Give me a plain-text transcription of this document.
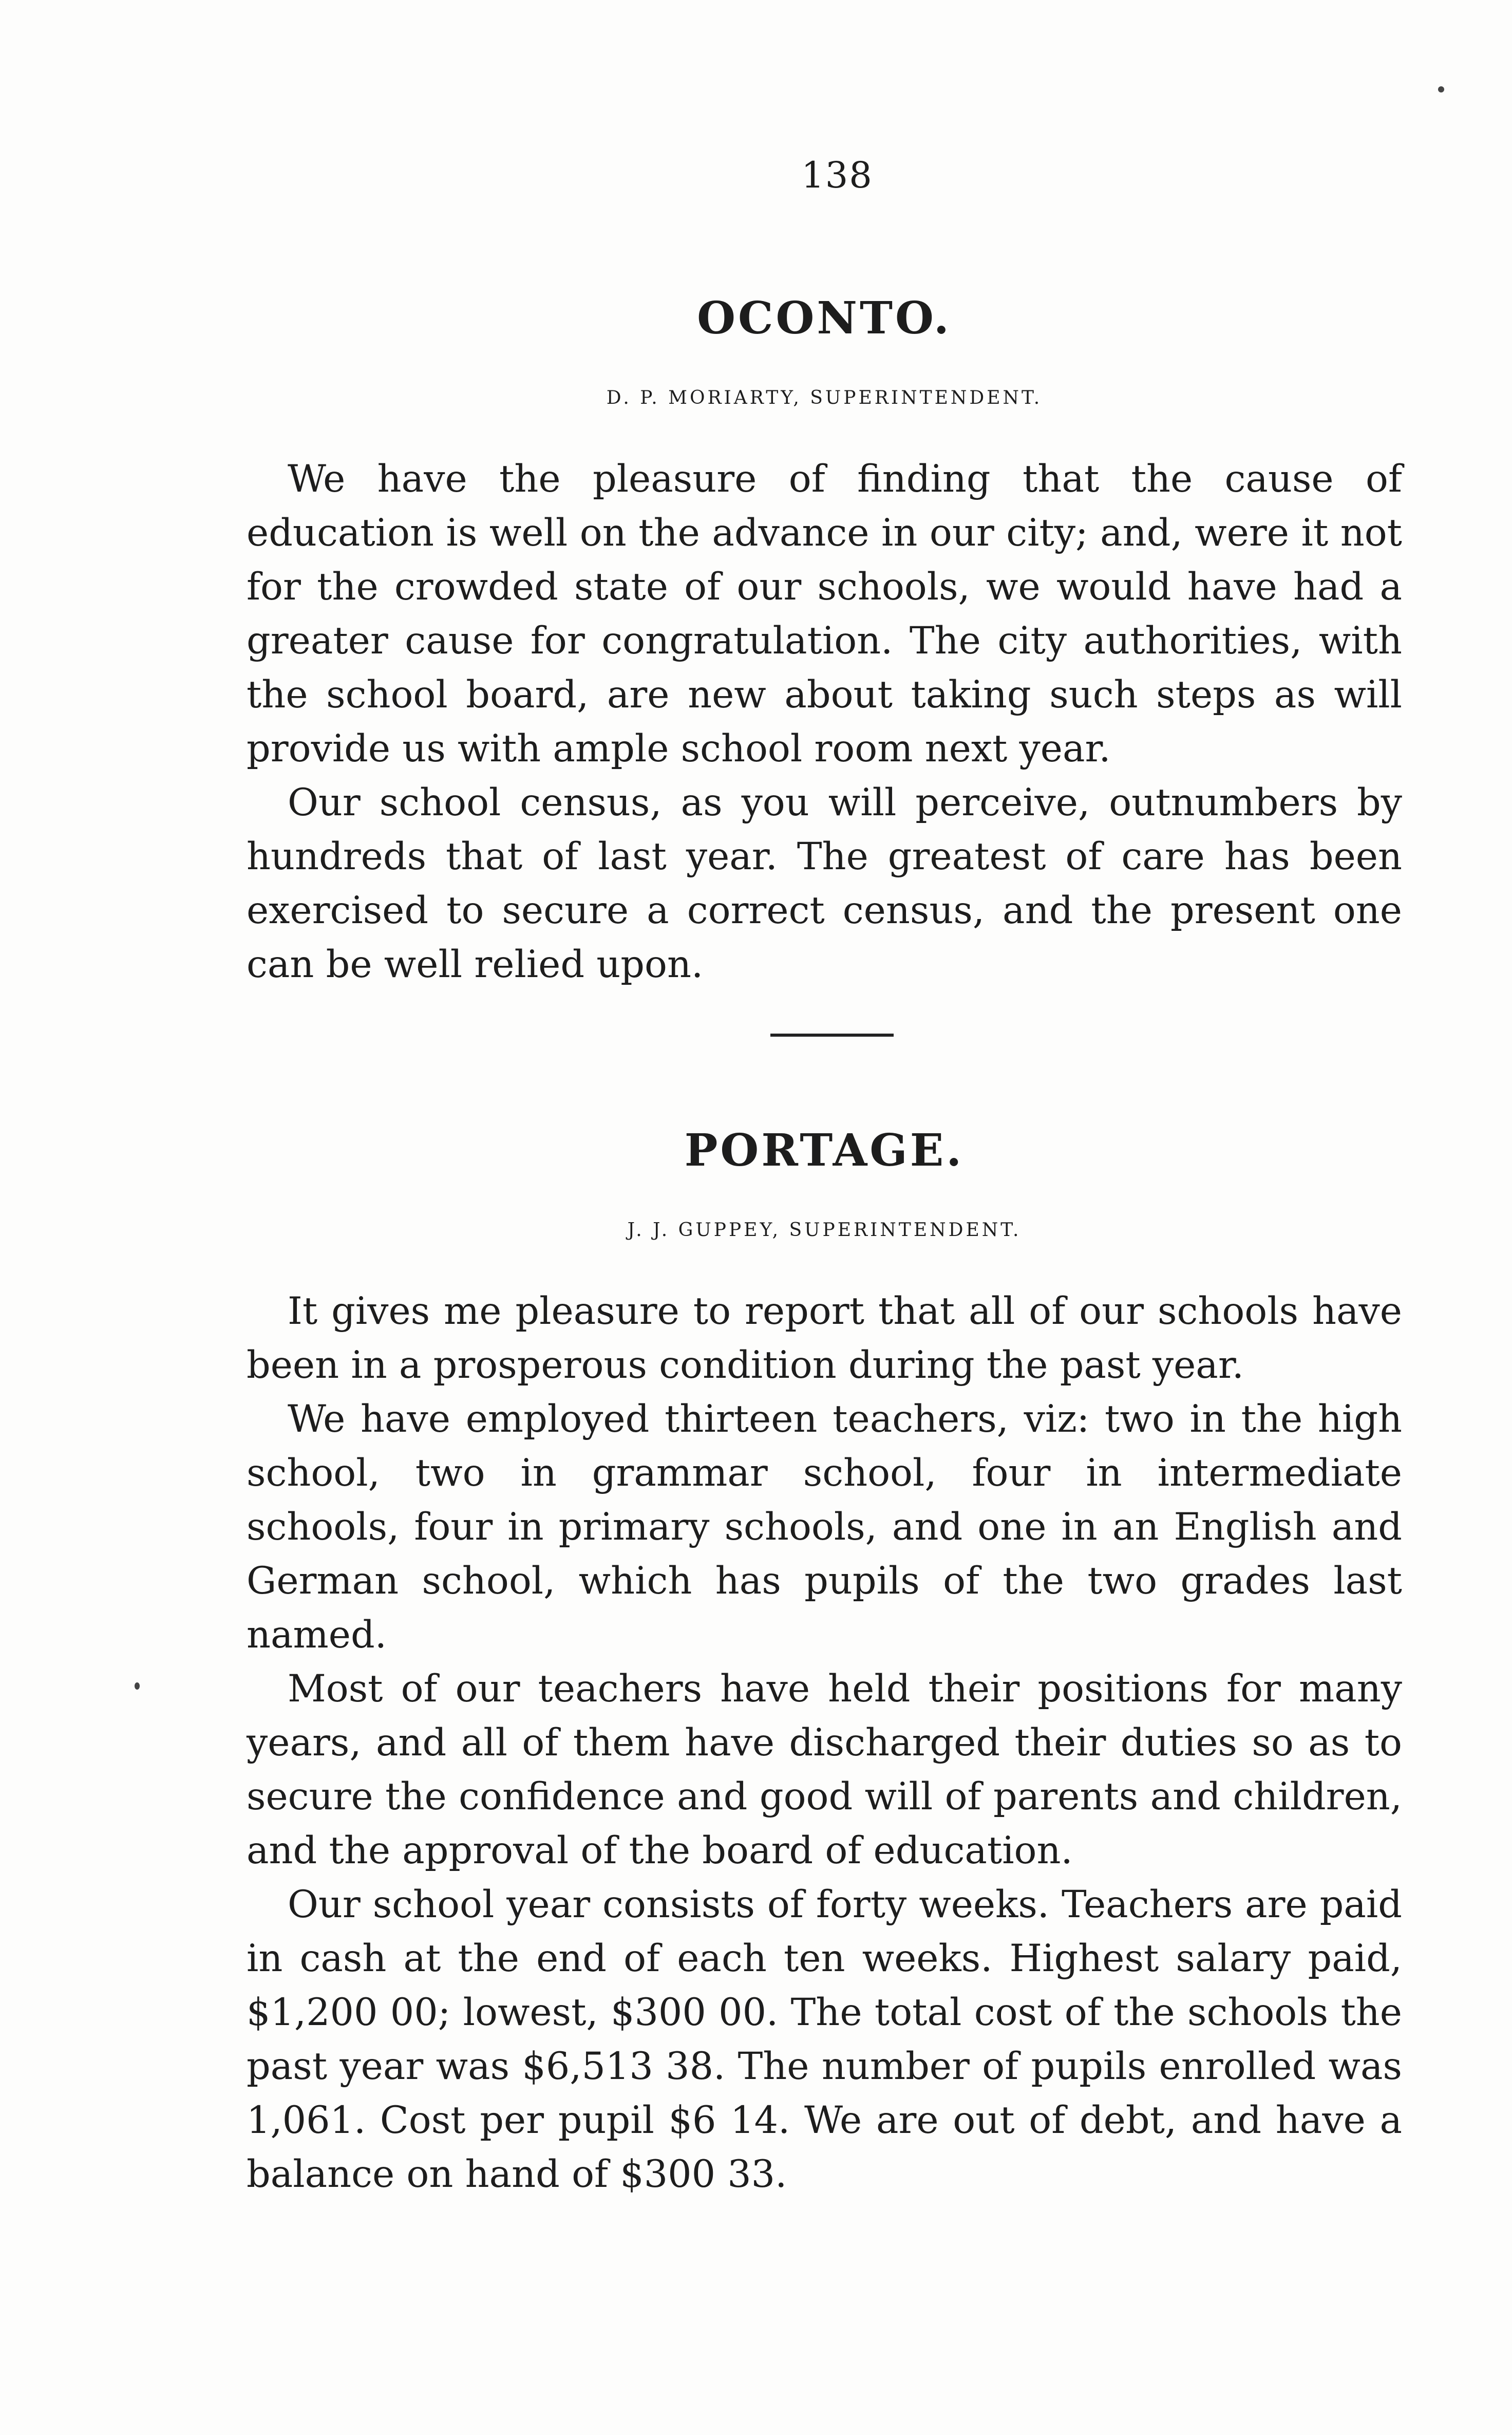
138
OCONTO.
D. P. MORIARTY, SUPERINTENDENT.

We have the pleasure of finding that the cause of education is well on the advance in our city; and, were it not for the crowded state of our schools, we would have had a greater cause for congratulation. The city authorities, with the school board, are new about taking such steps as will provide us with ample school room next year.

Our school census, as you will perceive, outnumbers by hundreds that of last year. The greatest of care has been exercised to secure a correct census, and the present one can be well relied upon.

PORTAGE.
J. J. GUPPEY, SUPERINTENDENT.

It gives me pleasure to report that all of our schools have been in a prosperous condition during the past year.

We have employed thirteen teachers, viz: two in the high school, two in grammar school, four in intermediate schools, four in primary schools, and one in an English and German school, which has pupils of the two grades last named.

Most of our teachers have held their positions for many years, and all of them have discharged their duties so as to secure the confidence and good will of parents and children, and the approval of the board of education.

Our school year consists of forty weeks. Teachers are paid in cash at the end of each ten weeks. Highest salary paid, $1,200 00; lowest, $300 00. The total cost of the schools the past year was $6,513 38. The number of pupils enrolled was 1,061. Cost per pupil $6 14. We are out of debt, and have a balance on hand of $300 33.
